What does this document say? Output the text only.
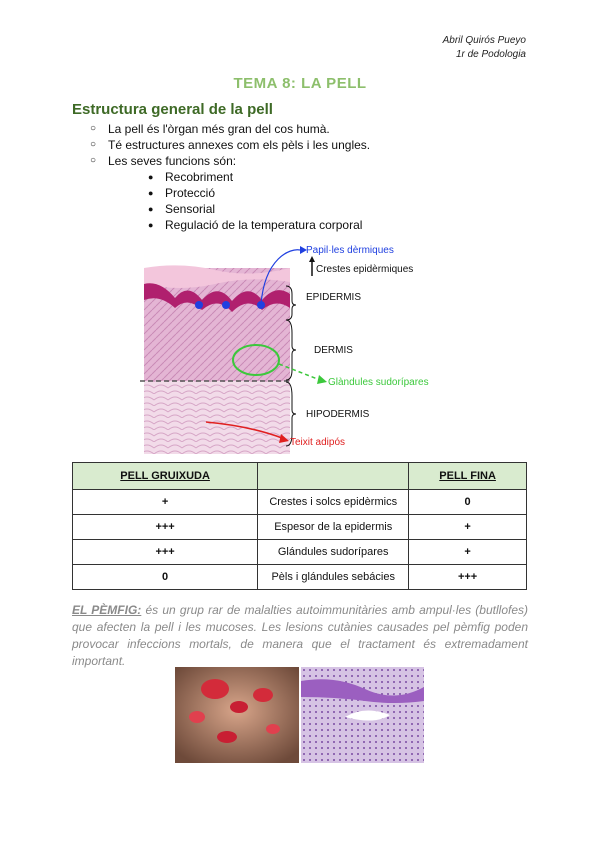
Abril Quirós Pueyo
1r de Podologia
TEMA 8: LA PELL
Estructura general de la pell
○ La pell és l'òrgan més gran del cos humà.
○ Té estructures annexes com els pèls i les ungles.
○ Les seves funcions són:
● Recobriment
● Protecció
● Sensorial
● Regulació de la temperatura corporal
Papil·les dèrmiques
Crestes epidèrmiques
EPIDERMIS
DERMIS
Glàndules sudorípares
HIPODERMIS
Teixit adipós
PELL GRUIXUDA		PELL FINA
+	Crestes i solcs epidèrmics	0
+++	Espesor de la epidermis	+
+++	Glándules sudorípares	+
0	Pèls i glándules sebácies	+++
EL PÈMFIG: és un grup rar de malalties autoimmunitàries amb ampul·les (butllofes) que afecten la pell i les mucoses. Les lesions cutànies causades pel pèmfig poden provocar infeccions mortals, de manera que el tractament és extremadament important.
